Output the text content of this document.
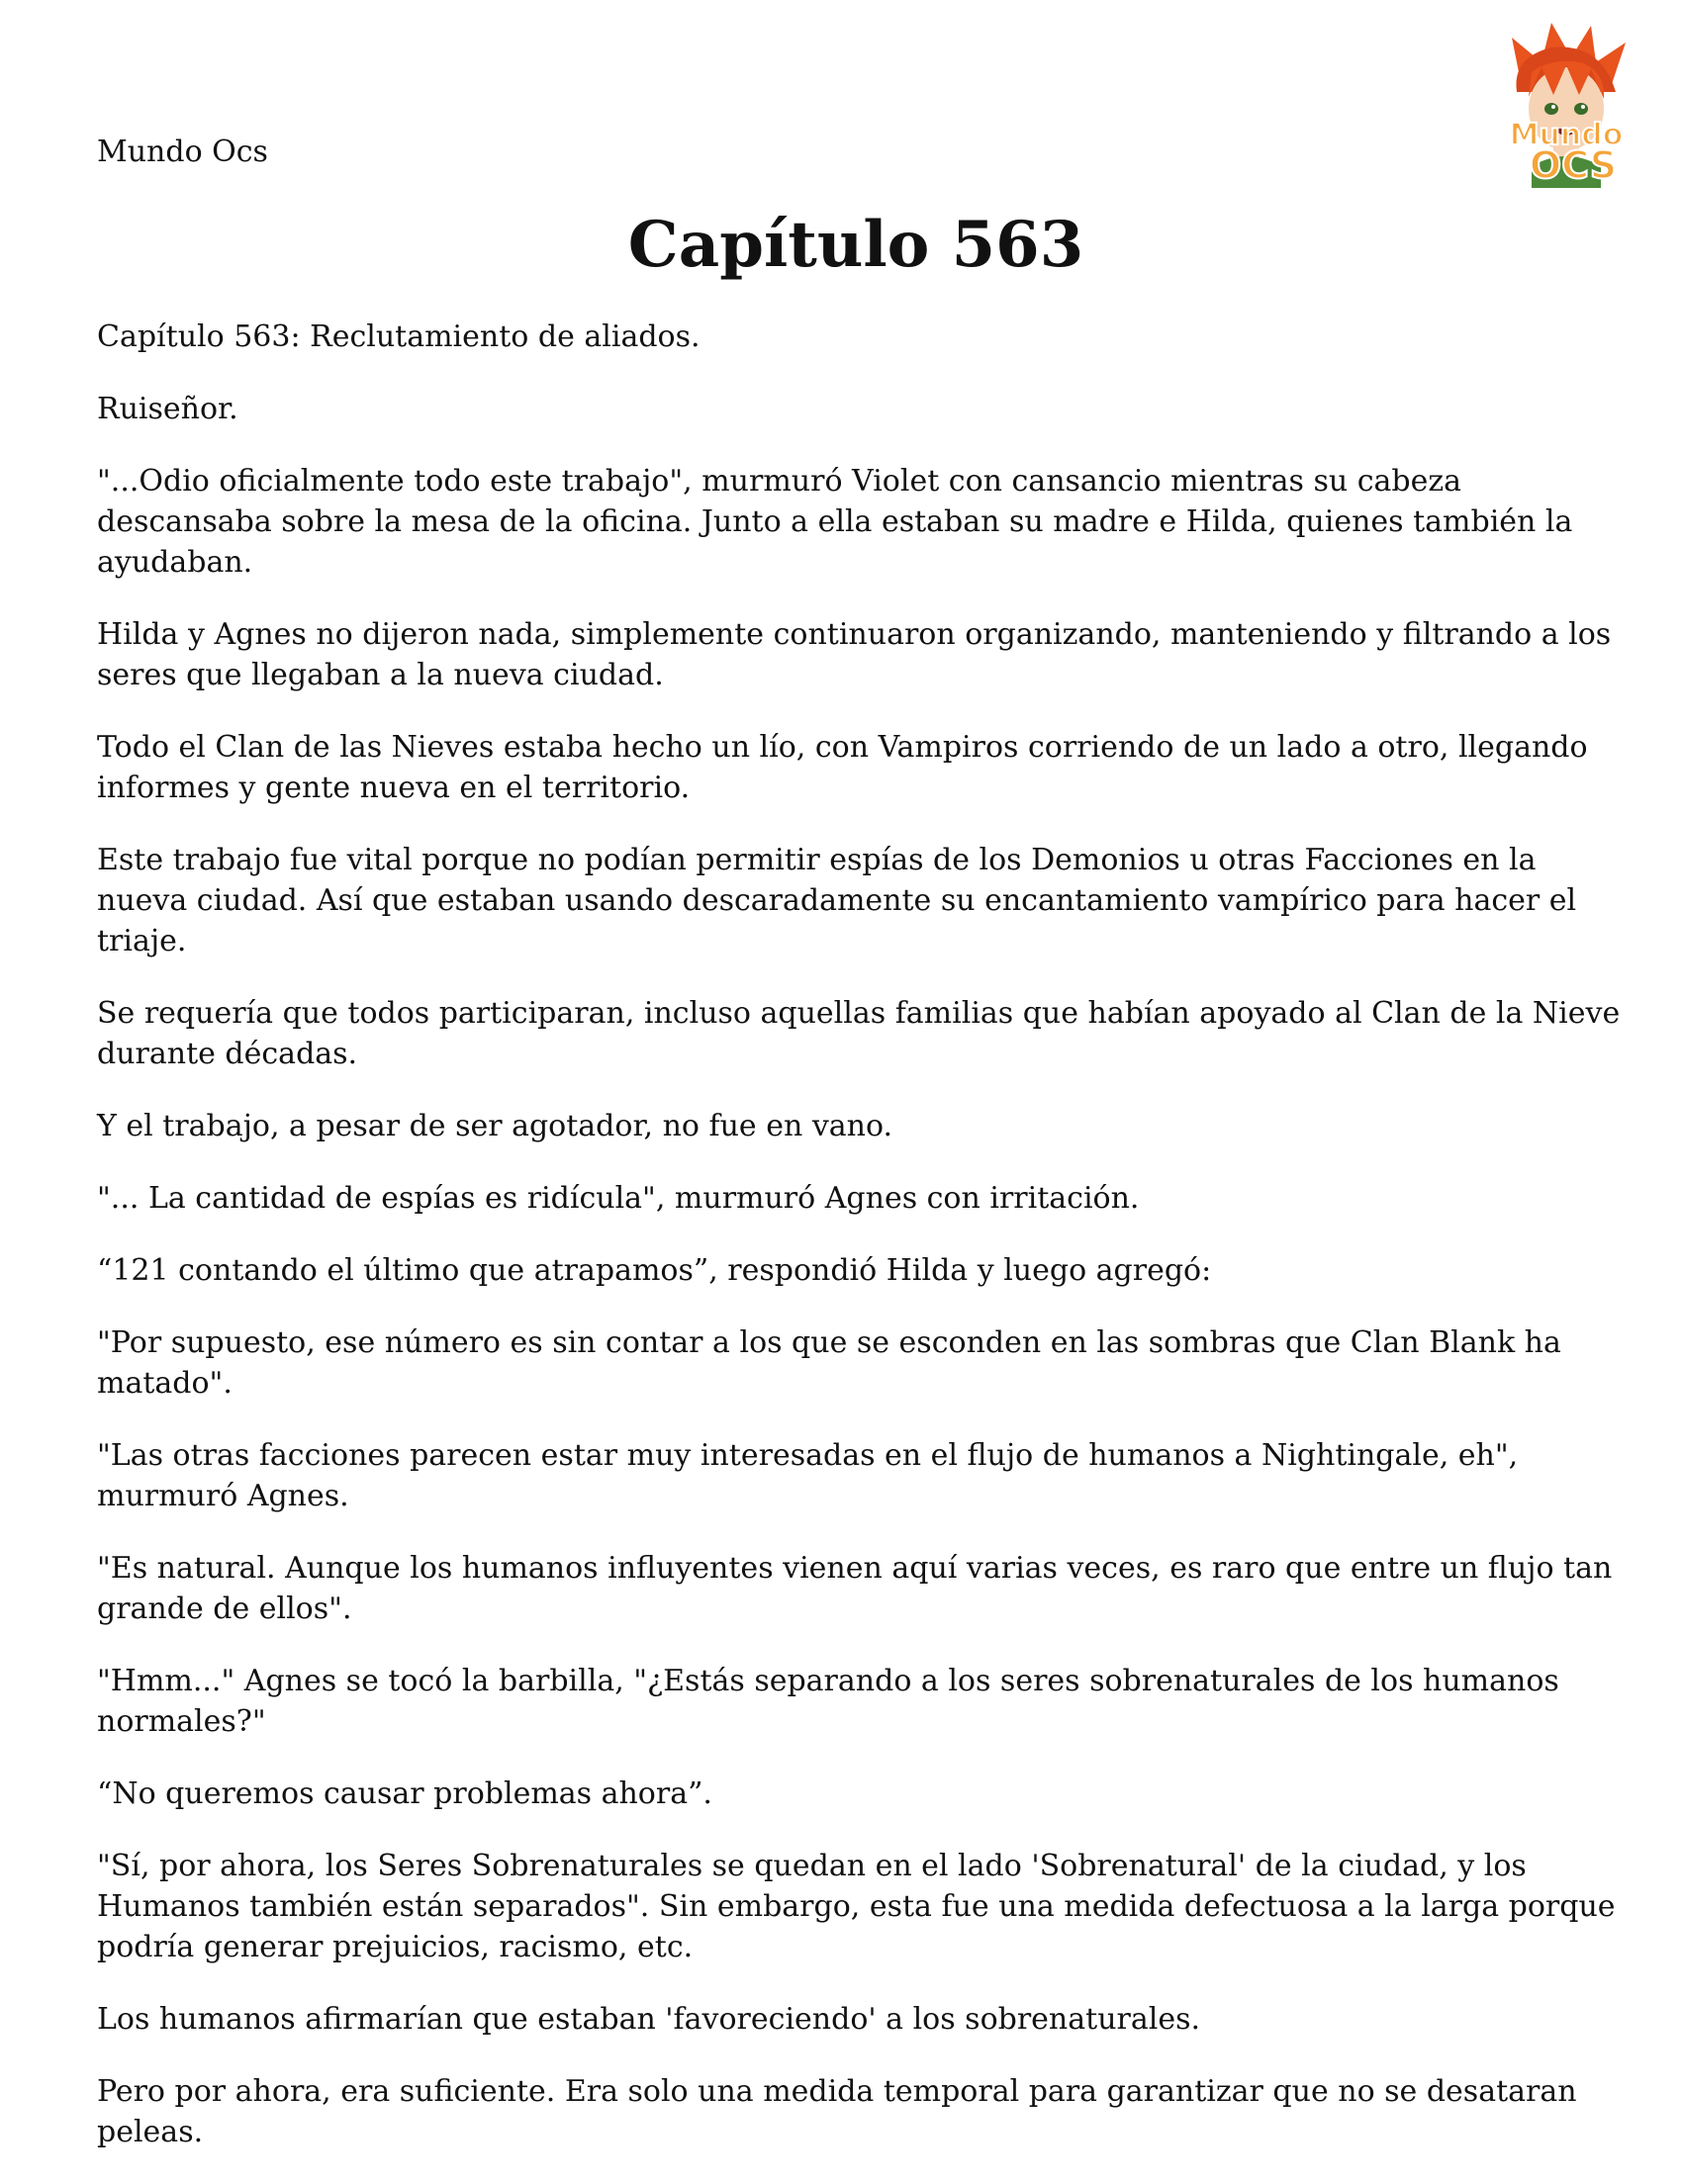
Mundo Ocs	Mundo
OCS
Capítulo 563

Capítulo 563: Reclutamiento de aliados.

Ruiseñor.

"...Odio oficialmente todo este trabajo", murmuró Violet con cansancio mientras su cabeza descansaba sobre la mesa de la oficina. Junto a ella estaban su madre e Hilda, quienes también la ayudaban.

Hilda y Agnes no dijeron nada, simplemente continuaron organizando, manteniendo y filtrando a los seres que llegaban a la nueva ciudad.

Todo el Clan de las Nieves estaba hecho un lío, con Vampiros corriendo de un lado a otro, llegando informes y gente nueva en el territorio.

Este trabajo fue vital porque no podían permitir espías de los Demonios u otras Facciones en la nueva ciudad. Así que estaban usando descaradamente su encantamiento vampírico para hacer el triaje.

Se requería que todos participaran, incluso aquellas familias que habían apoyado al Clan de la Nieve durante décadas.

Y el trabajo, a pesar de ser agotador, no fue en vano.

"... La cantidad de espías es ridícula", murmuró Agnes con irritación.

“121 contando el último que atrapamos”, respondió Hilda y luego agregó:

"Por supuesto, ese número es sin contar a los que se esconden en las sombras que Clan Blank ha matado".

"Las otras facciones parecen estar muy interesadas en el flujo de humanos a Nightingale, eh", murmuró Agnes.

"Es natural. Aunque los humanos influyentes vienen aquí varias veces, es raro que entre un flujo tan grande de ellos".

"Hmm..." Agnes se tocó la barbilla, "¿Estás separando a los seres sobrenaturales de los humanos normales?"

“No queremos causar problemas ahora”.

"Sí, por ahora, los Seres Sobrenaturales se quedan en el lado 'Sobrenatural' de la ciudad, y los Humanos también están separados". Sin embargo, esta fue una medida defectuosa a la larga porque podría generar prejuicios, racismo, etc.

Los humanos afirmarían que estaban 'favoreciendo' a los sobrenaturales.

Pero por ahora, era suficiente. Era solo una medida temporal para garantizar que no se desataran peleas.
